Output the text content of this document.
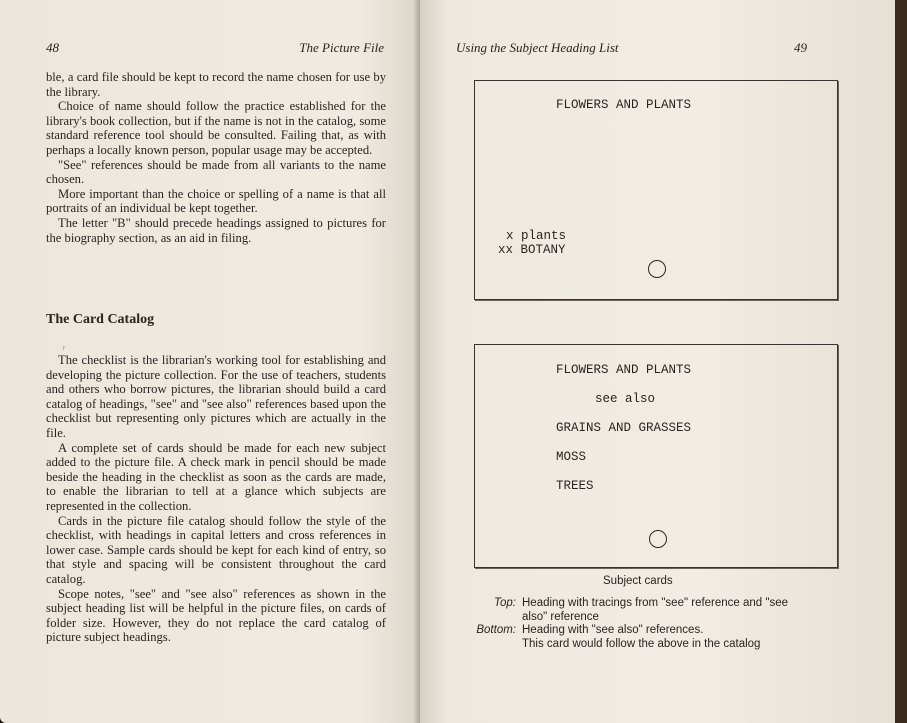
48	The Picture File

ble, a card file should be kept to record the name chosen for use by the library.

Choice of name should follow the practice established for the library's book collection, but if the name is not in the catalog, some standard reference tool should be consulted. Failing that, as with perhaps a locally known person, popular usage may be accepted.

"See" references should be made from all variants to the name chosen.

More important than the choice or spelling of a name is that all portraits of an individual be kept together.

The letter "B" should precede headings assigned to pictures for the biography section, as an aid in filing.

The Card Catalog
ᵧ

The checklist is the librarian's working tool for establishing and developing the picture collection. For the use of teachers, students and others who borrow pictures, the librarian should build a card catalog of headings, "see" and "see also" references based upon the checklist but representing only pictures which are actually in the file.

A complete set of cards should be made for each new subject added to the picture file. A check mark in pencil should be made beside the heading in the checklist as soon as the cards are made, to enable the librarian to tell at a glance which subjects are represented in the collection.

Cards in the picture file catalog should follow the style of the checklist, with headings in capital letters and cross references in lower case. Sample cards should be kept for each kind of entry, so that style and spacing will be consistent throughout the card catalog.

Scope notes, "see" and "see also" references as shown in the subject heading list will be helpful in the picture files, on cards of folder size. However, they do not replace the card catalog of picture subject headings.

Using the Subject Heading List	49
FLOWERS AND PLANTS
x plants
xx BOTANY
FLOWERS AND PLANTS
see also
GRAINS AND GRASSES
MOSS
TREES
Subject cards
Top: Heading with tracings from "see" reference and "see
also" reference
Bottom: Heading with "see also" references.
This card would follow the above in the catalog
